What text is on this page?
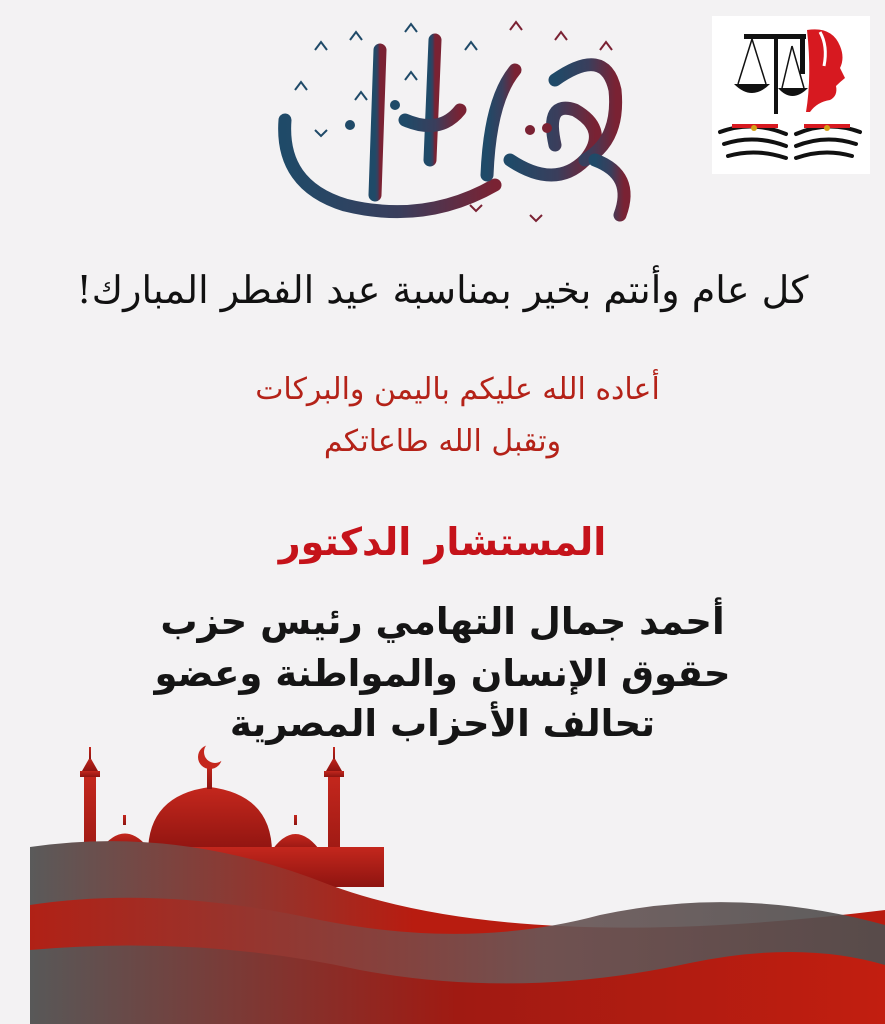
كل عام وأنتم بخير بمناسبة عيد الفطر المبارك!
أعاده الله عليكم باليمن والبركات
وتقبل الله طاعاتكم
المستشار الدكتور
أحمد جمال التهامي رئيس حزب
حقوق الإنسان والمواطنة وعضو
تحالف الأحزاب المصرية
